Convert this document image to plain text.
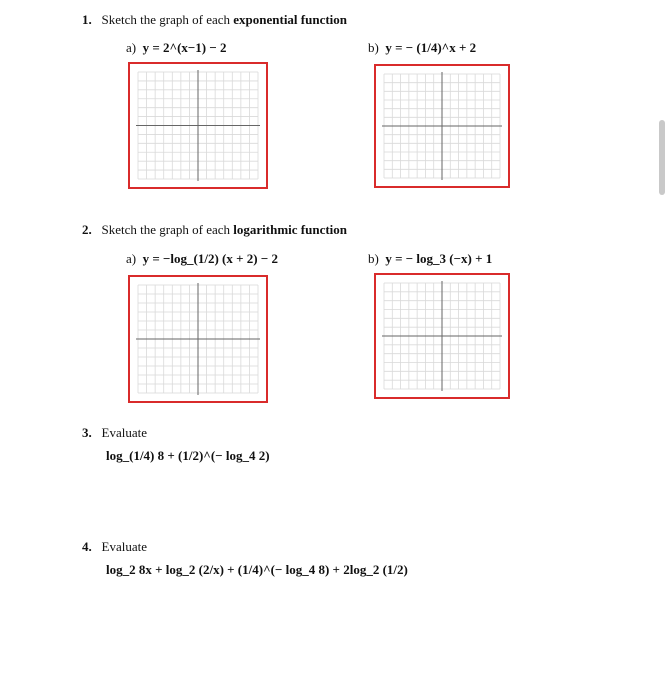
1. Sketch the graph of each exponential function
a) y = 2^(x−1) − 2	b) y = − (1/4)^x + 2
2. Sketch the graph of each logarithmic function
a) y = −log_(1/2) (x + 2) − 2	b) y = − log_3 (−x) + 1
3. Evaluate
log_(1/4) 8 + (1/2)^(− log_4 2)
4. Evaluate
log_2 8x + log_2 (2/x) + (1/4)^(− log_4 8) + 2log_2 (1/2)
